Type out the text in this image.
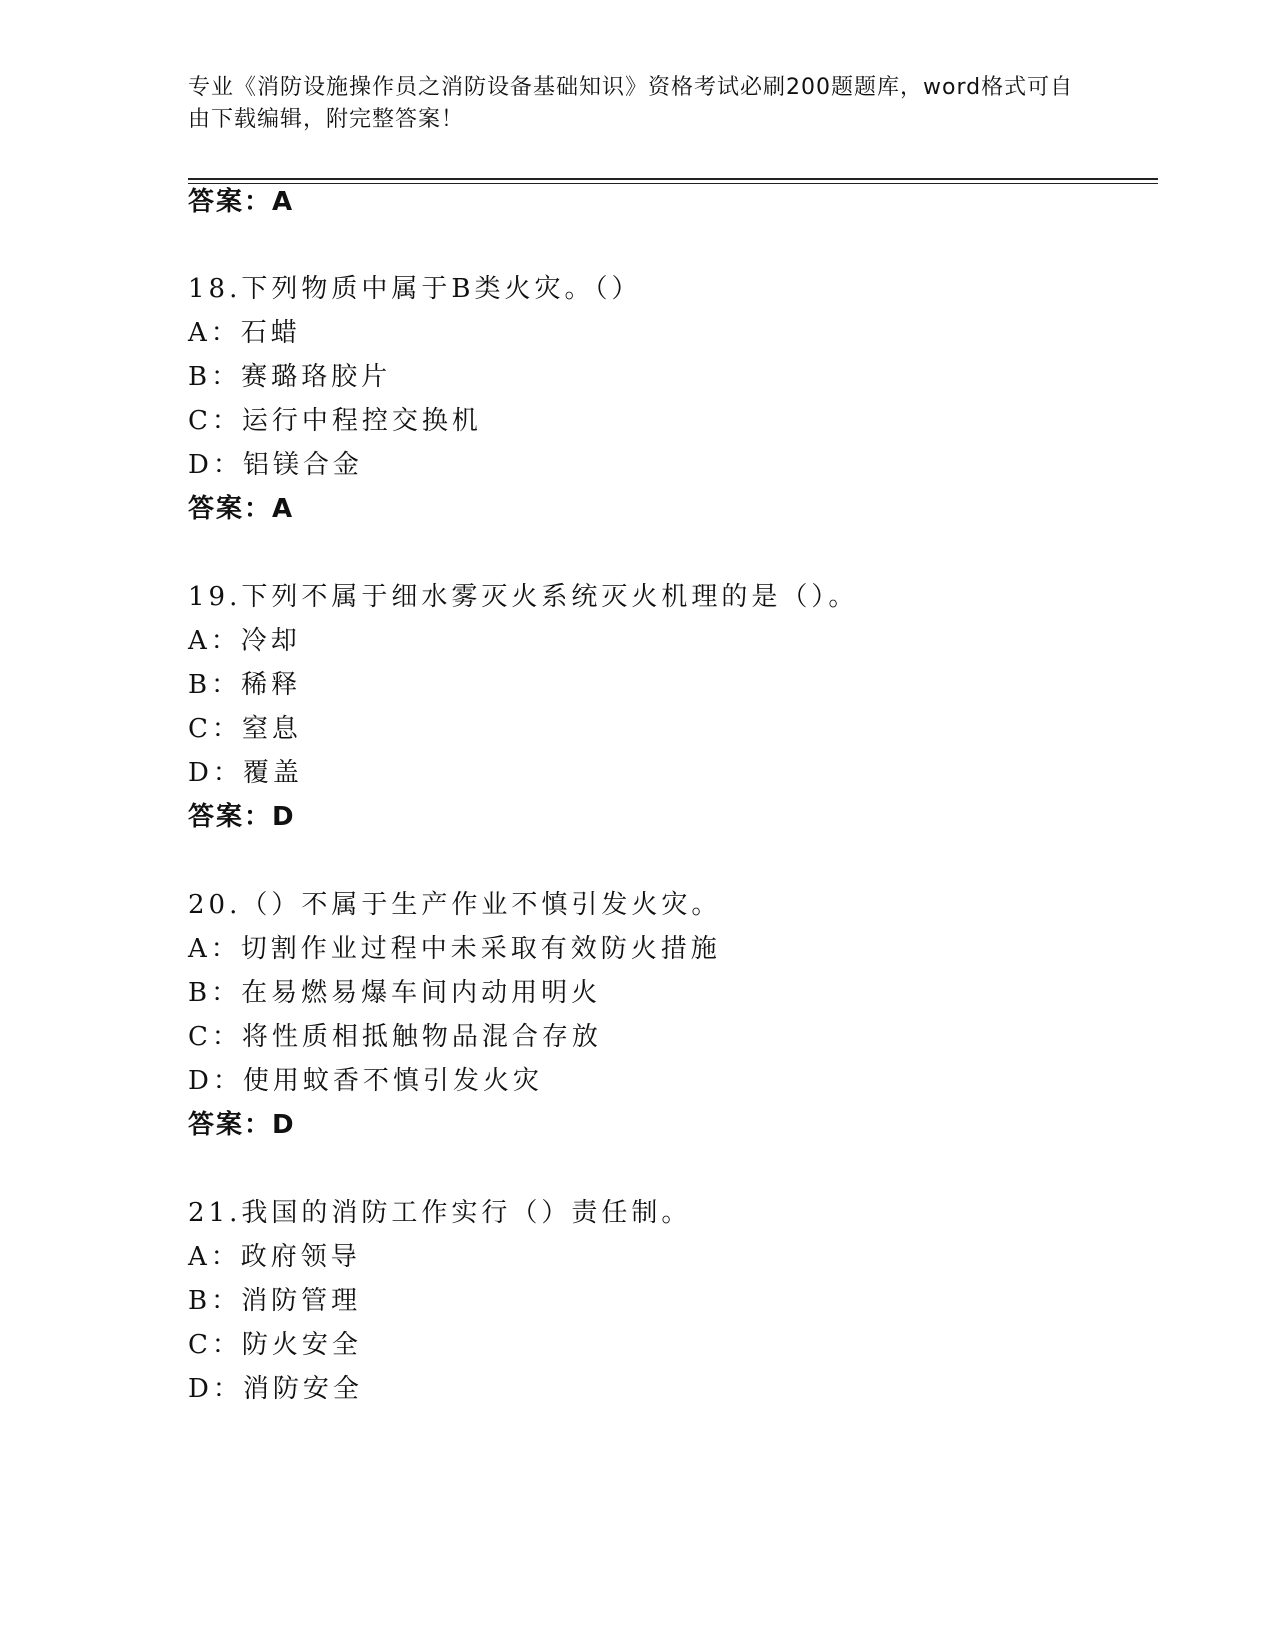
专业《消防设施操作员之消防设备基础知识》资格考试必刷200题题库，word格式可自由下载编辑，附完整答案！
答案：A
18.下列物质中属于B类火灾。（）
A：石蜡
B：赛璐珞胶片
C：运行中程控交换机
D：铝镁合金
答案：A
19.下列不属于细水雾灭火系统灭火机理的是（）。
A：冷却
B：稀释
C：窒息
D：覆盖
答案：D
20.（）不属于生产作业不慎引发火灾。
A：切割作业过程中未采取有效防火措施
B：在易燃易爆车间内动用明火
C：将性质相抵触物品混合存放
D：使用蚊香不慎引发火灾
答案：D
21.我国的消防工作实行（）责任制。
A：政府领导
B：消防管理
C：防火安全
D：消防安全
